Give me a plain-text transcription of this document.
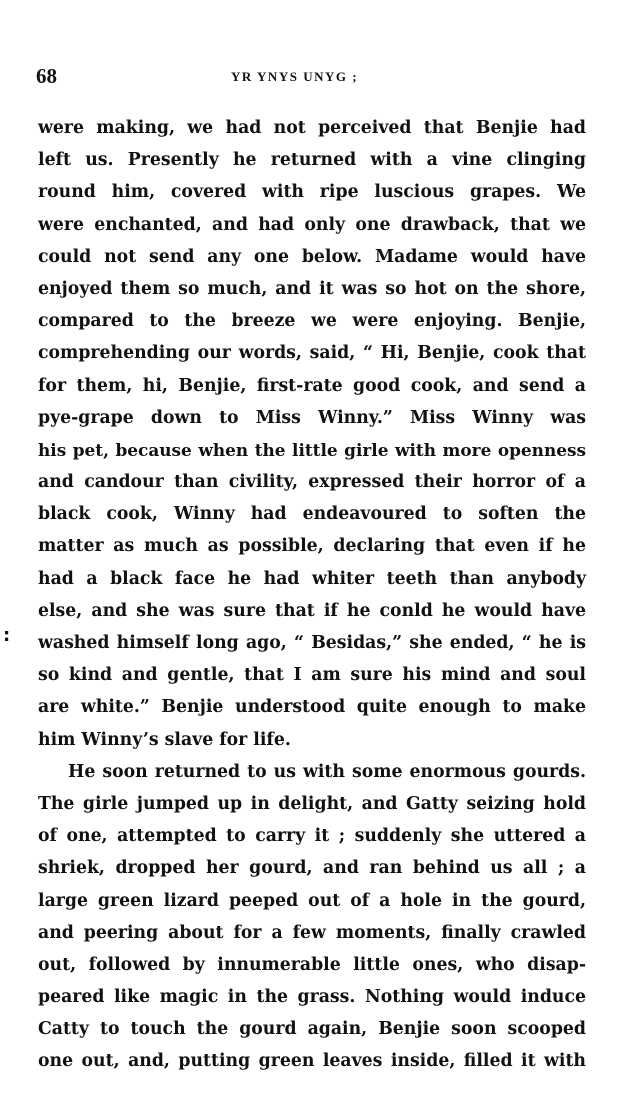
68	YR YNYS UNYG ;
:
were making, we had not perceived that Benjie had
left us. Presently he returned with a vine clinging
round him, covered with ripe luscious grapes. We
were enchanted, and had only one drawback, that we
could not send any one below. Madame would have
enjoyed them so much, and it was so hot on the shore,
compared to the breeze we were enjoying. Benjie,
comprehending our words, said, “ Hi, Benjie, cook that
for them, hi, Benjie, first-rate good cook, and send a
pye-grape down to Miss Winny.” Miss Winny was
his pet, because when the little girle with more openness
and candour than civility, expressed their horror of a
black cook, Winny had endeavoured to soften the
matter as much as possible, declaring that even if he
had a black face he had whiter teeth than anybody
else, and she was sure that if he conld he would have
washed himself long ago, “ Besidas,” she ended, “ he is
so kind and gentle, that I am sure his mind and soul
are white.” Benjie understood quite enough to make
him Winny’s slave for life.
He soon returned to us with some enormous gourds.
The girle jumped up in delight, and Gatty seizing hold
of one, attempted to carry it ; suddenly she uttered a
shriek, dropped her gourd, and ran behind us all ; a
large green lizard peeped out of a hole in the gourd,
and peering about for a few moments, finally crawled
out, followed by innumerable little ones, who disap-
peared like magic in the grass. Nothing would induce
Catty to touch the gourd again, Benjie soon scooped
one out, and, putting green leaves inside, filled it with
